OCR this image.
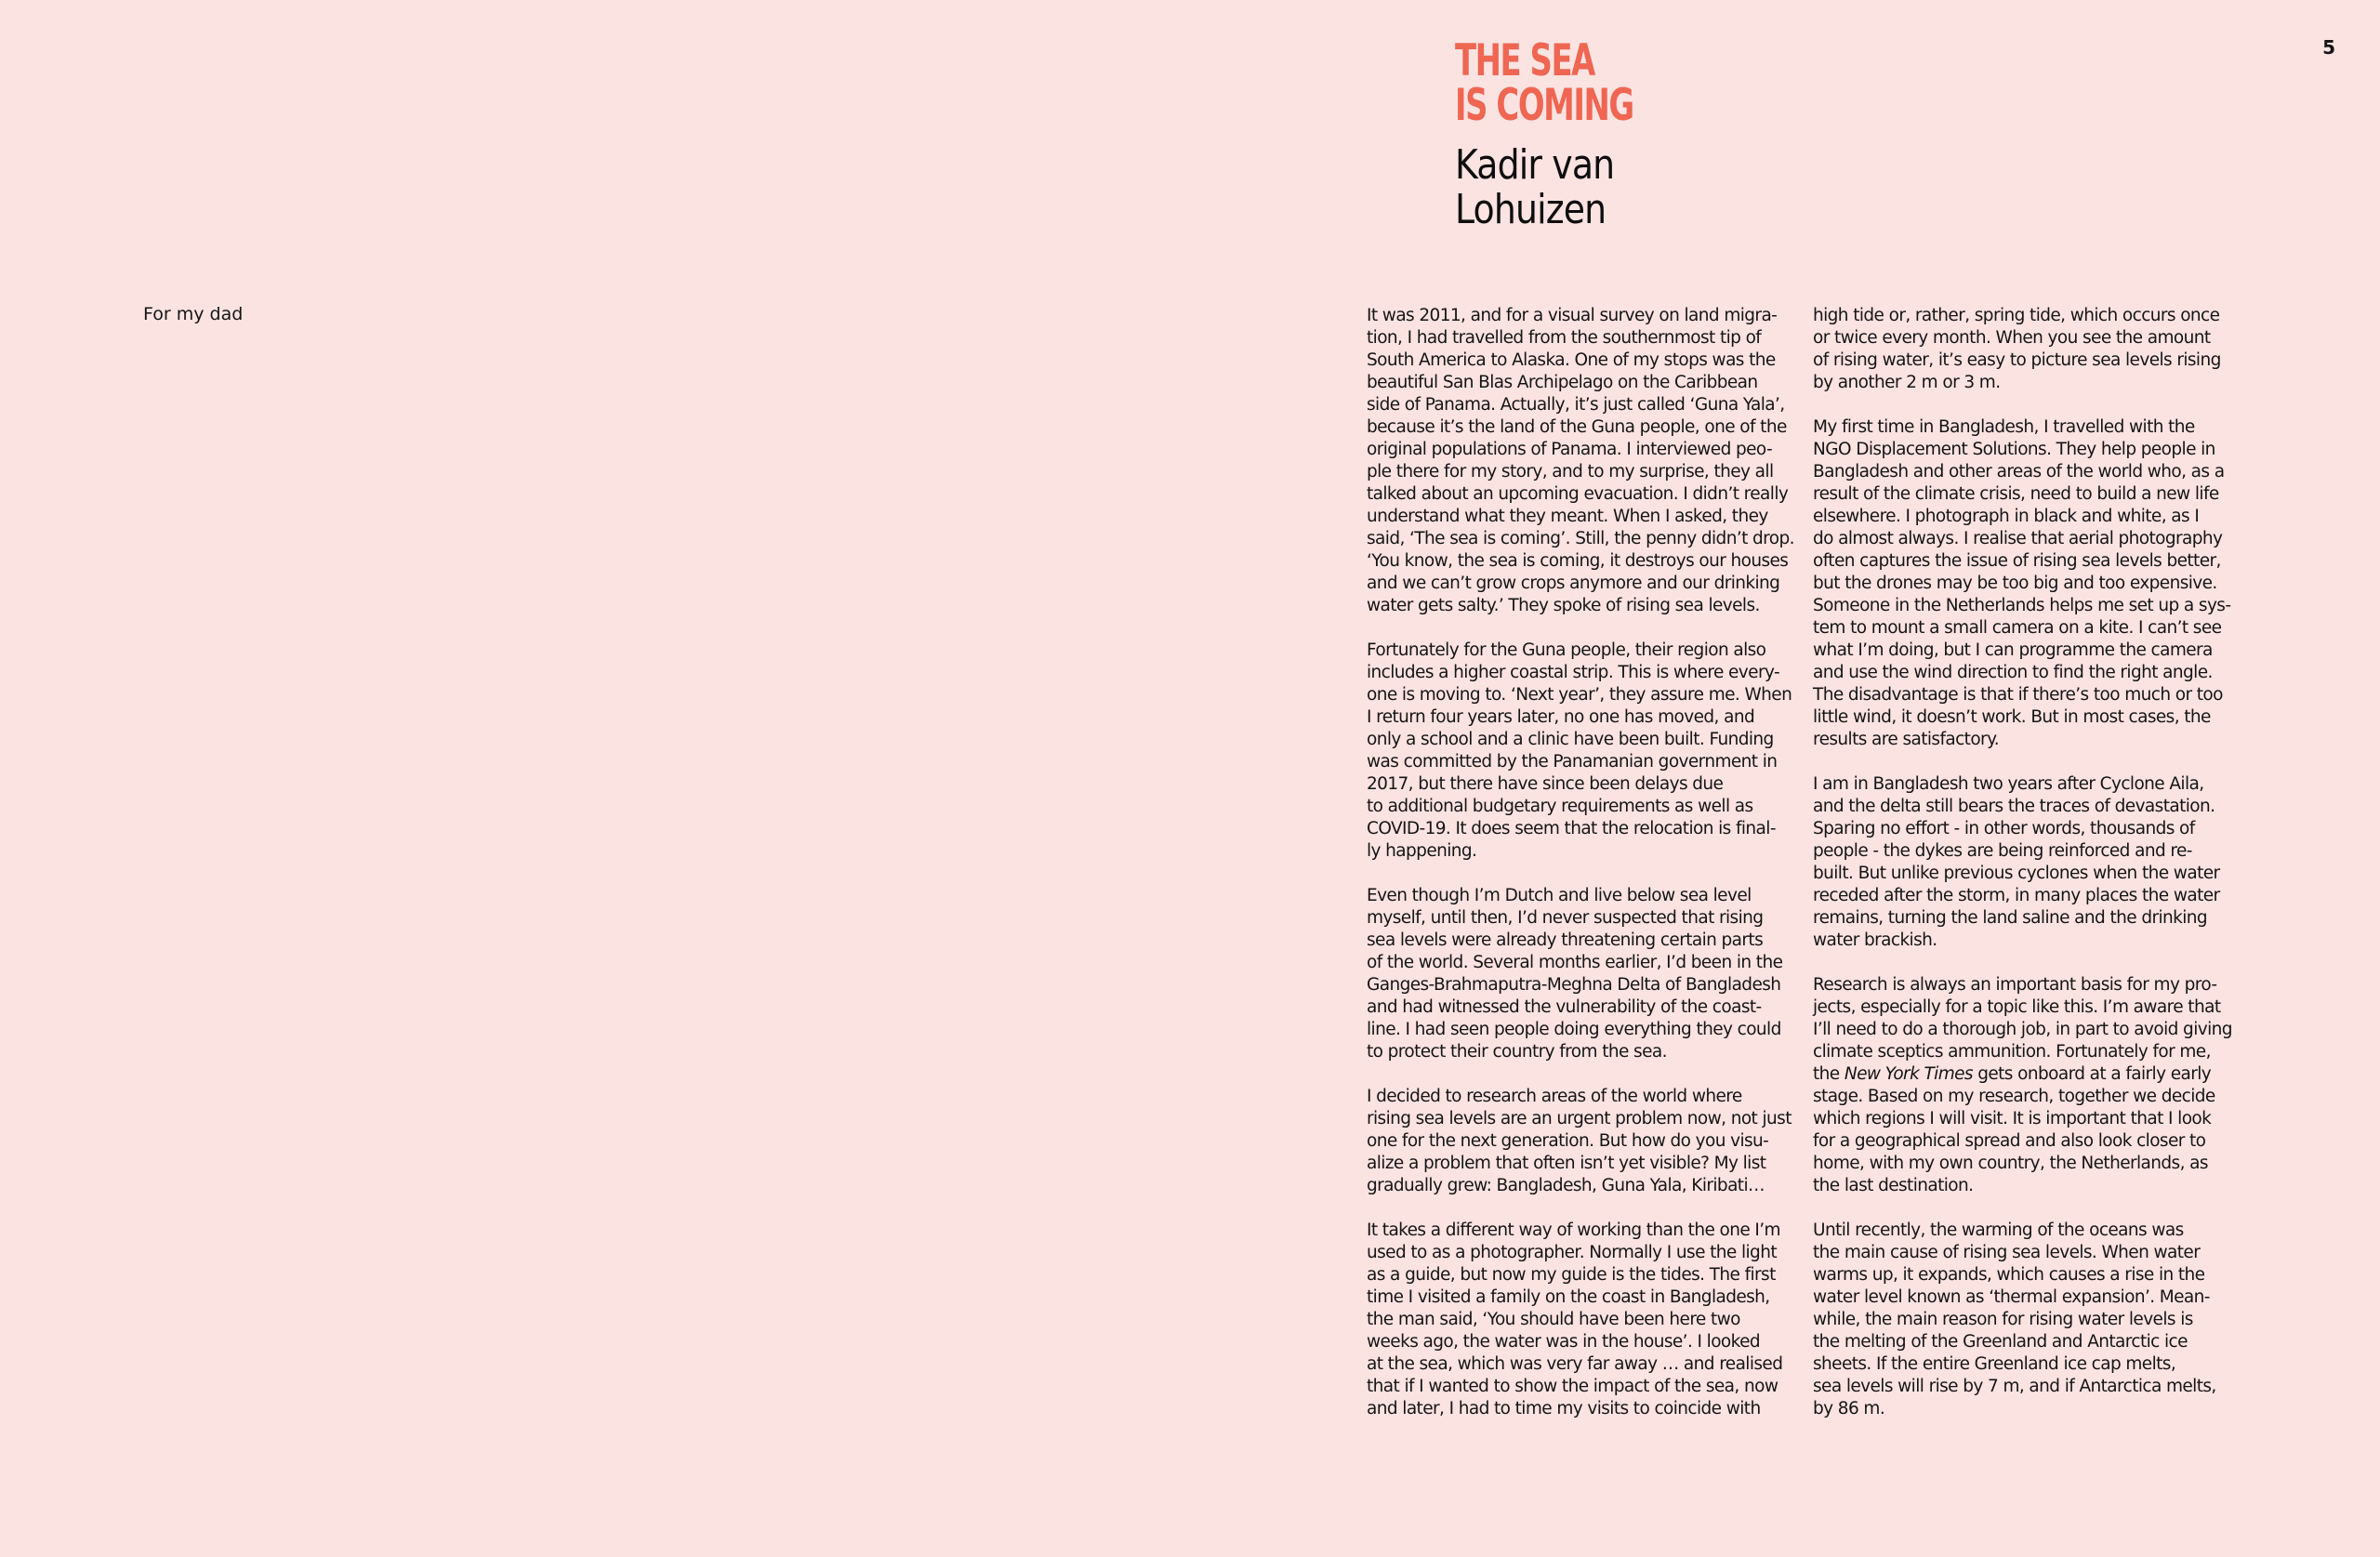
5
For my dad
THE SEA
IS COMING
Kadir van
Lohuizen

It was 2011, and for a visual survey on land migra-
tion, I had travelled from the southernmost tip of
South America to Alaska. One of my stops was the
beautiful San Blas Archipelago on the Caribbean
side of Panama. Actually, it’s just called ‘Guna Yala’,
because it’s the land of the Guna people, one of the
original populations of Panama. I interviewed peo-
ple there for my story, and to my surprise, they all
talked about an upcoming evacuation. I didn’t really
understand what they meant. When I asked, they
said, ‘The sea is coming’. Still, the penny didn’t drop.
‘You know, the sea is coming, it destroys our houses
and we can’t grow crops anymore and our drinking
water gets salty.’ They spoke of rising sea levels.

Fortunately for the Guna people, their region also
includes a higher coastal strip. This is where every-
one is moving to. ‘Next year’, they assure me. When
I return four years later, no one has moved, and
only a school and a clinic have been built. Funding
was committed by the Panamanian government in
2017, but there have since been delays due
to additional budgetary requirements as well as
COVID-19. It does seem that the relocation is final-
ly happening.

Even though I’m Dutch and live below sea level
myself, until then, I’d never suspected that rising
sea levels were already threatening certain parts
of the world. Several months earlier, I’d been in the
Ganges-Brahmaputra-Meghna Delta of Bangladesh
and had witnessed the vulnerability of the coast-
line. I had seen people doing everything they could
to protect their country from the sea.

I decided to research areas of the world where
rising sea levels are an urgent problem now, not just
one for the next generation. But how do you visu-
alize a problem that often isn’t yet visible? My list
gradually grew: Bangladesh, Guna Yala, Kiribati…

It takes a different way of working than the one I’m
used to as a photographer. Normally I use the light
as a guide, but now my guide is the tides. The first
time I visited a family on the coast in Bangladesh,
the man said, ‘You should have been here two
weeks ago, the water was in the house’. I looked
at the sea, which was very far away … and realised
that if I wanted to show the impact of the sea, now
and later, I had to time my visits to coincide with

high tide or, rather, spring tide, which occurs once
or twice every month. When you see the amount
of rising water, it’s easy to picture sea levels rising
by another 2 m or 3 m.

My first time in Bangladesh, I travelled with the
NGO Displacement Solutions. They help people in
Bangladesh and other areas of the world who, as a
result of the climate crisis, need to build a new life
elsewhere. I photograph in black and white, as I
do almost always. I realise that aerial photography
often captures the issue of rising sea levels better,
but the drones may be too big and too expensive.
Someone in the Netherlands helps me set up a sys-
tem to mount a small camera on a kite. I can’t see
what I’m doing, but I can programme the camera
and use the wind direction to find the right angle.
The disadvantage is that if there’s too much or too
little wind, it doesn’t work. But in most cases, the
results are satisfactory.

I am in Bangladesh two years after Cyclone Aila,
and the delta still bears the traces of devastation.
Sparing no effort - in other words, thousands of
people - the dykes are being reinforced and re-
built. But unlike previous cyclones when the water
receded after the storm, in many places the water
remains, turning the land saline and the drinking
water brackish.

Research is always an important basis for my pro-
jects, especially for a topic like this. I’m aware that
I’ll need to do a thorough job, in part to avoid giving
climate sceptics ammunition. Fortunately for me,
the New York Times gets onboard at a fairly early
stage. Based on my research, together we decide
which regions I will visit. It is important that I look
for a geographical spread and also look closer to
home, with my own country, the Netherlands, as
the last destination.

Until recently, the warming of the oceans was
the main cause of rising sea levels. When water
warms up, it expands, which causes a rise in the
water level known as ‘thermal expansion’. Mean-
while, the main reason for rising water levels is
the melting of the Greenland and Antarctic ice
sheets. If the entire Greenland ice cap melts,
sea levels will rise by 7 m, and if Antarctica melts,
by 86 m.
